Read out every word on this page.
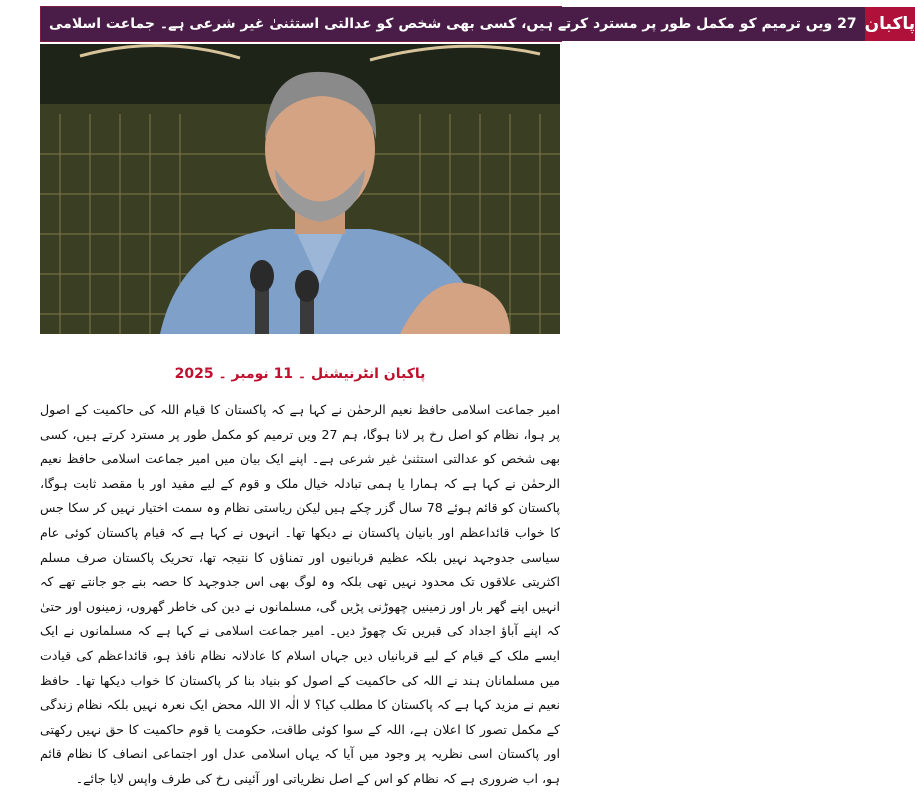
27 ویں ترمیم کو مکمل طور پر مسترد کرتے ہیں، کسی بھی شخص کو عدالتی استثنیٰ غیر شرعی ہے۔ جماعت اسلامی پاکبان
پاکبان انٹرنیشنل ۔ 11 نومبر ۔ 2025

امیر جماعت اسلامی حافظ نعیم الرحمٰن نے کہا ہے کہ پاکستان کا قیام اللہ کی حاکمیت کے اصول پر ہوا، نظام کو اصل رخ پر لانا ہوگا، ہم 27 ویں ترمیم کو مکمل طور پر مسترد کرتے ہیں، کسی بھی شخص کو عدالتی استثنیٰ غیر شرعی ہے۔ اپنے ایک بیان میں امیر جماعت اسلامی حافظ نعیم الرحمٰن نے کہا ہے کہ ہمارا یا ہمی تبادلہ خیال ملک و قوم کے لیے مفید اور با مقصد ثابت ہوگا، پاکستان کو قائم ہوئے 78 سال گزر چکے ہیں لیکن ریاستی نظام وہ سمت اختیار نہیں کر سکا جس کا خواب قائداعظم اور بانیان پاکستان نے دیکھا تھا۔ انہوں نے کہا ہے کہ قیام پاکستان کوئی عام سیاسی جدوجہد نہیں بلکہ عظیم قربانیوں اور تمناؤں کا نتیجہ تھا، تحریک پاکستان صرف مسلم اکثریتی علاقوں تک محدود نہیں تھی بلکہ وہ لوگ بھی اس جدوجہد کا حصہ بنے جو جانتے تھے کہ انہیں اپنے گھر بار اور زمینیں چھوڑنی پڑیں گی، مسلمانوں نے دین کی خاطر گھروں، زمینوں اور حتیٰ کہ اپنے آباؤ اجداد کی قبریں تک چھوڑ دیں۔ امیر جماعت اسلامی نے کہا ہے کہ مسلمانوں نے ایک ایسے ملک کے قیام کے لیے قربانیاں دیں جہاں اسلام کا عادلانہ نظام نافذ ہو، قائداعظم کی قیادت میں مسلمانان ہند نے اللہ کی حاکمیت کے اصول کو بنیاد بنا کر پاکستان کا خواب دیکھا تھا۔ حافظ نعیم نے مزید کہا ہے کہ پاکستان کا مطلب کیا؟ لا الٰہ الا اللہ محض ایک نعرہ نہیں بلکہ نظام زندگی کے مکمل تصور کا اعلان ہے، اللہ کے سوا کوئی طاقت، حکومت یا قوم حاکمیت کا حق نہیں رکھتی اور پاکستان اسی نظریہ پر وجود میں آیا کہ یہاں اسلامی عدل اور اجتماعی انصاف کا نظام قائم ہو، اب ضروری ہے کہ نظام کو اس کے اصل نظریاتی اور آئینی رخ کی طرف واپس لایا جائے۔
